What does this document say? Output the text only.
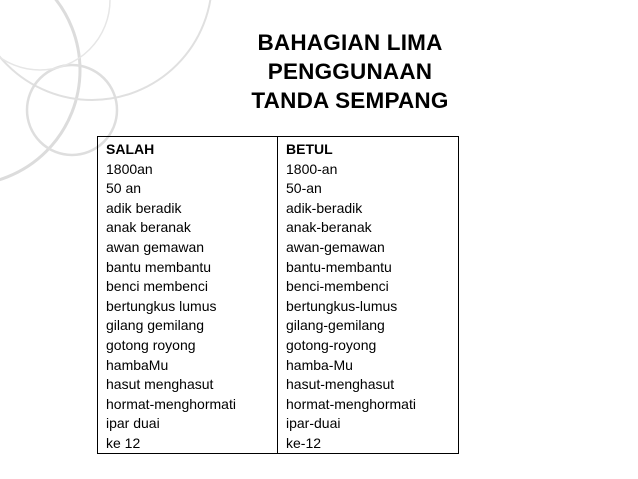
BAHAGIAN LIMA
PENGGUNAAN
TANDA SEMPANG
SALAH
1800an
50 an
adik beradik
anak beranak
awan gemawan
bantu membantu
benci membenci
bertungkus lumus
gilang gemilang
gotong royong
hambaMu
hasut menghasut
hormat-menghormati
ipar duai
ke 12
BETUL
1800-an
50-an
adik-beradik
anak-beranak
awan-gemawan
bantu-membantu
benci-membenci
bertungkus-lumus
gilang-gemilang
gotong-royong
hamba-Mu
hasut-menghasut
hormat-menghormati
ipar-duai
ke-12
